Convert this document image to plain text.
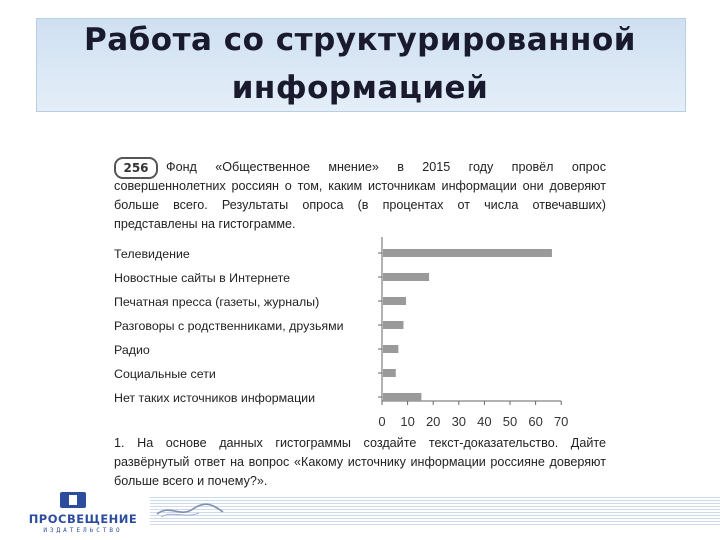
Работа со структурированной
информацией
Фонд «Общественное мнение» в 2015 году провёл опрос совершеннолетних россиян о том, каким источникам информации они доверяют больше всего. Результаты опроса (в процентах от числа отвечавших) представлены на гистограмме.
256
Телевидение
Новостные сайты в Интернете
Печатная пресса (газеты, журналы)
Разговоры с родственниками, друзьями
Радио
Социальные сети
Нет таких источников информации
0 10 20 30 40 50 60 70
1. На основе данных гистограммы создайте текст-доказательство. Дайте развёрнутый ответ на вопрос «Какому источнику информации россияне доверяют больше всего и почему?».
ПРОСВЕЩЕНИЕ
ИЗДАТЕЛЬСТВО
